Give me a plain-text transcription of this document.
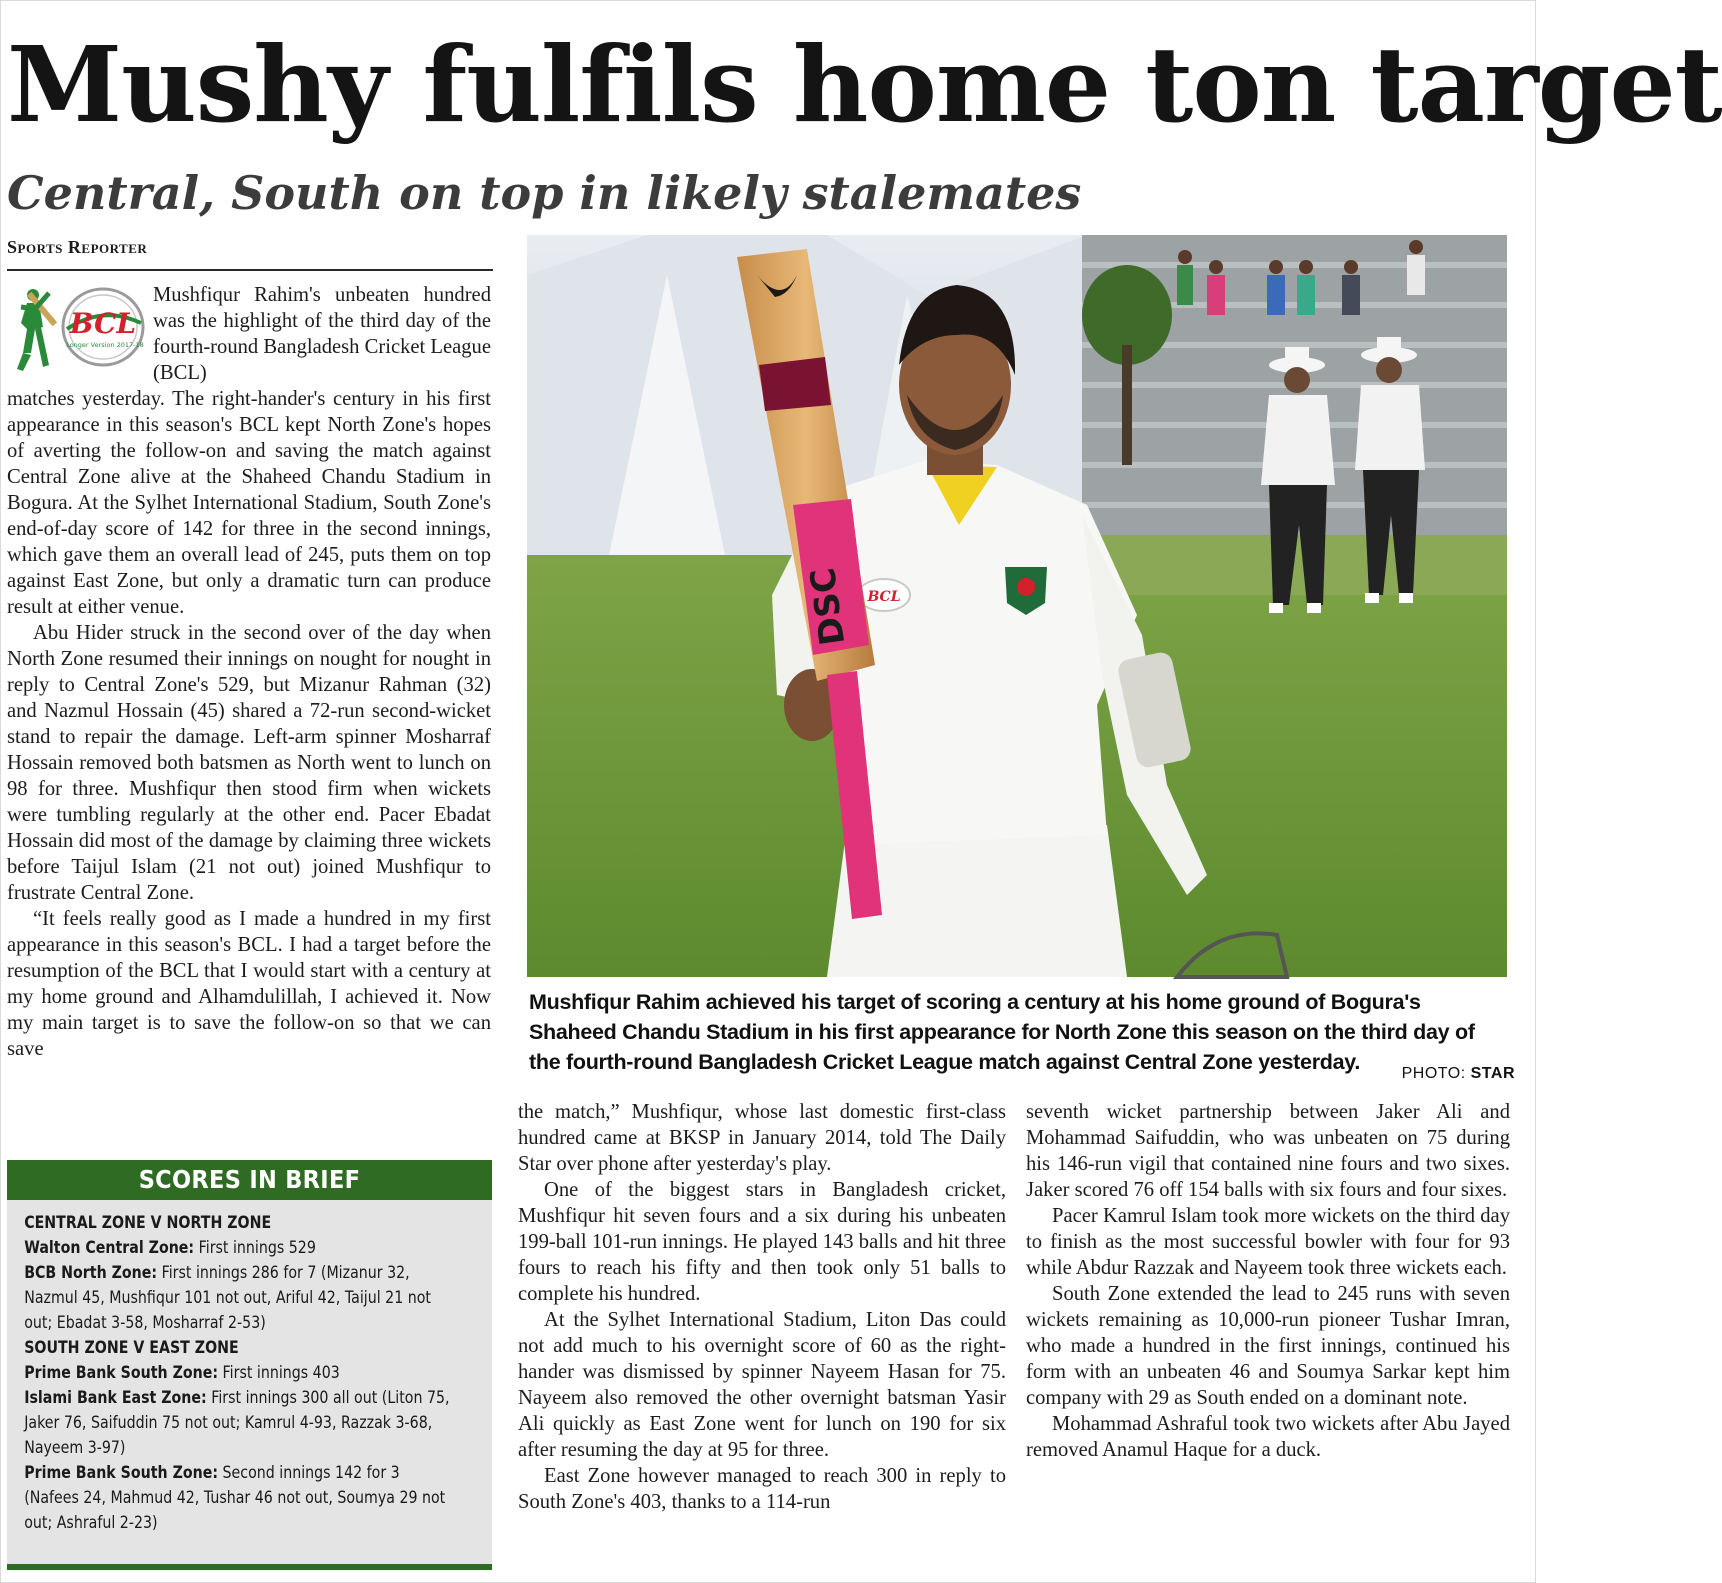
Mushy fulfils home ton target
Central, South on top in likely stalemates
Sports Reporter
BCL
Longer Version 2017-18
Mushfiqur Rahim's unbeaten hundred was the highlight of the third day of the fourth-round Bangladesh Cricket League (BCL)

matches yesterday. The right-hander's century in his first appearance in this season's BCL kept North Zone's hopes of averting the follow-on and saving the match against Central Zone alive at the Shaheed Chandu Stadium in Bogura. At the Sylhet International Stadium, South Zone's end-of-day score of 142 for three in the second innings, which gave them an overall lead of 245, puts them on top against East Zone, but only a dramatic turn can produce result at either venue.

Abu Hider struck in the second over of the day when North Zone resumed their innings on nought for nought in reply to Central Zone's 529, but Mizanur Rahman (32) and Nazmul Hossain (45) shared a 72-run second-wicket stand to repair the damage. Left-arm spinner Mosharraf Hossain removed both batsmen as North went to lunch on 98 for three. Mushfiqur then stood firm when wickets were tumbling regularly at the other end. Pacer Ebadat Hossain did most of the damage by claiming three wickets before Taijul Islam (21 not out) joined Mushfiqur to frustrate Central Zone.

“It feels really good as I made a hundred in my first appearance in this season's BCL. I had a target before the resumption of the BCL that I would start with a century at my home ground and Alhamdulillah, I achieved it. Now my main target is to save the follow-on so that we can save

BCL
DSC
Mushfiqur Rahim achieved his target of scoring a century at his home ground of Bogura's Shaheed Chandu Stadium in his first appearance for North Zone this season on the third day of the fourth-round Bangladesh Cricket League match against Central Zone yesterday.	PHOTO: STAR

the match,” Mushfiqur, whose last domestic first-class hundred came at BKSP in January 2014, told The Daily Star over phone after yesterday's play.

One of the biggest stars in Bangladesh cricket, Mushfiqur hit seven fours and a six during his unbeaten 199-ball 101-run innings. He played 143 balls and hit three fours to reach his fifty and then took only 51 balls to complete his hundred.

At the Sylhet International Stadium, Liton Das could not add much to his overnight score of 60 as the right-hander was dismissed by spinner Nayeem Hasan for 75. Nayeem also removed the other overnight batsman Yasir Ali quickly as East Zone went for lunch on 190 for six after resuming the day at 95 for three.

East Zone however managed to reach 300 in reply to South Zone's 403, thanks to a 114-run

seventh wicket partnership between Jaker Ali and Mohammad Saifuddin, who was unbeaten on 75 during his 146-run vigil that contained nine fours and two sixes. Jaker scored 76 off 154 balls with six fours and four sixes.

Pacer Kamrul Islam took more wickets on the third day to finish as the most successful bowler with four for 93 while Abdur Razzak and Nayeem took three wickets each.

South Zone extended the lead to 245 runs with seven wickets remaining as 10,000-run pioneer Tushar Imran, who made a hundred in the first innings, continued his form with an unbeaten 46 and Soumya Sarkar kept him company with 29 as South ended on a dominant note.

Mohammad Ashraful took two wickets after Abu Jayed removed Anamul Haque for a duck.

SCORES IN BRIEF
CENTRAL ZONE V NORTH ZONE
Walton Central Zone: First innings 529
BCB North Zone: First innings 286 for 7 (Mizanur 32, Nazmul 45, Mushfiqur 101 not out, Ariful 42, Taijul 21 not out; Ebadat 3-58, Mosharraf 2-53)
SOUTH ZONE V EAST ZONE
Prime Bank South Zone: First innings 403
Islami Bank East Zone: First innings 300 all out (Liton 75, Jaker 76, Saifuddin 75 not out; Kamrul 4-93, Razzak 3-68, Nayeem 3-97)
Prime Bank South Zone: Second innings 142 for 3 (Nafees 24, Mahmud 42, Tushar 46 not out, Soumya 29 not out; Ashraful 2-23)
